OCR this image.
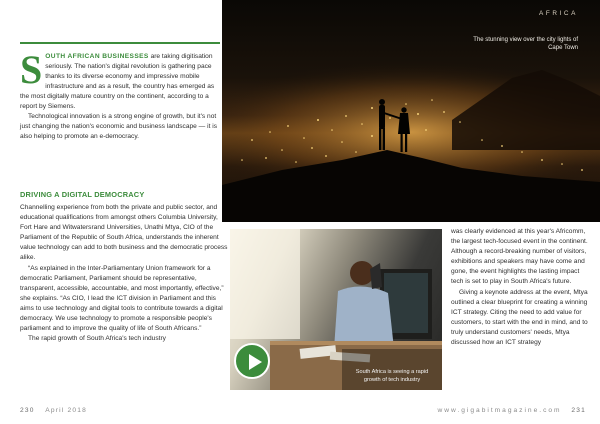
S OUTH AFRICAN BUSINESSES are taking digitisation seriously. The nation's digital revolution is gathering pace thanks to its diverse economy and impressive mobile infrastructure and as a result, the country has emerged as the most digitally mature country on the continent, according to a report by Siemens.

Technological innovation is a strong engine of growth, but it's not just changing the nation's economic and business landscape — it is also helping to promote an e-democracy.

DRIVING A DIGITAL DEMOCRACY

Channelling experience from both the private and public sector, and educational qualifications from amongst others Columbia University, Fort Hare and Witwatersrand Universities, Unathi Mtya, CIO of the Parliament of the Republic of South Africa, understands the inherent value technology can add to both business and the democratic process alike.

“As explained in the Inter-Parliamentary Union framework for a democratic Parliament, Parliament should be representative, transparent, accessible, accountable, and most importantly, effective,” she explains. “As CIO, I lead the ICT division in Parliament and this aims to use technology and digital tools to contribute towards a digital democracy. We use technology to promote a responsible people's parliament and to improve the quality of life of South Africans.”

The rapid growth of South Africa's tech industry

AFRICA
The stunning view over the city lights of Cape Town
South Africa is seeing a rapid growth of tech industry

was clearly evidenced at this year's Africomm, the largest tech-focused event in the continent. Although a record-breaking number of visitors, exhibitions and speakers may have come and gone, the event highlights the lasting impact tech is set to play in South Africa's future.

Giving a keynote address at the event, Mtya outlined a clear blueprint for creating a winning ICT strategy. Citing the need to add value for customers, to start with the end in mind, and to truly understand customers' needs, Mtya discussed how an ICT strategy

230 April 2018	www.gigabitmagazine.com 231
